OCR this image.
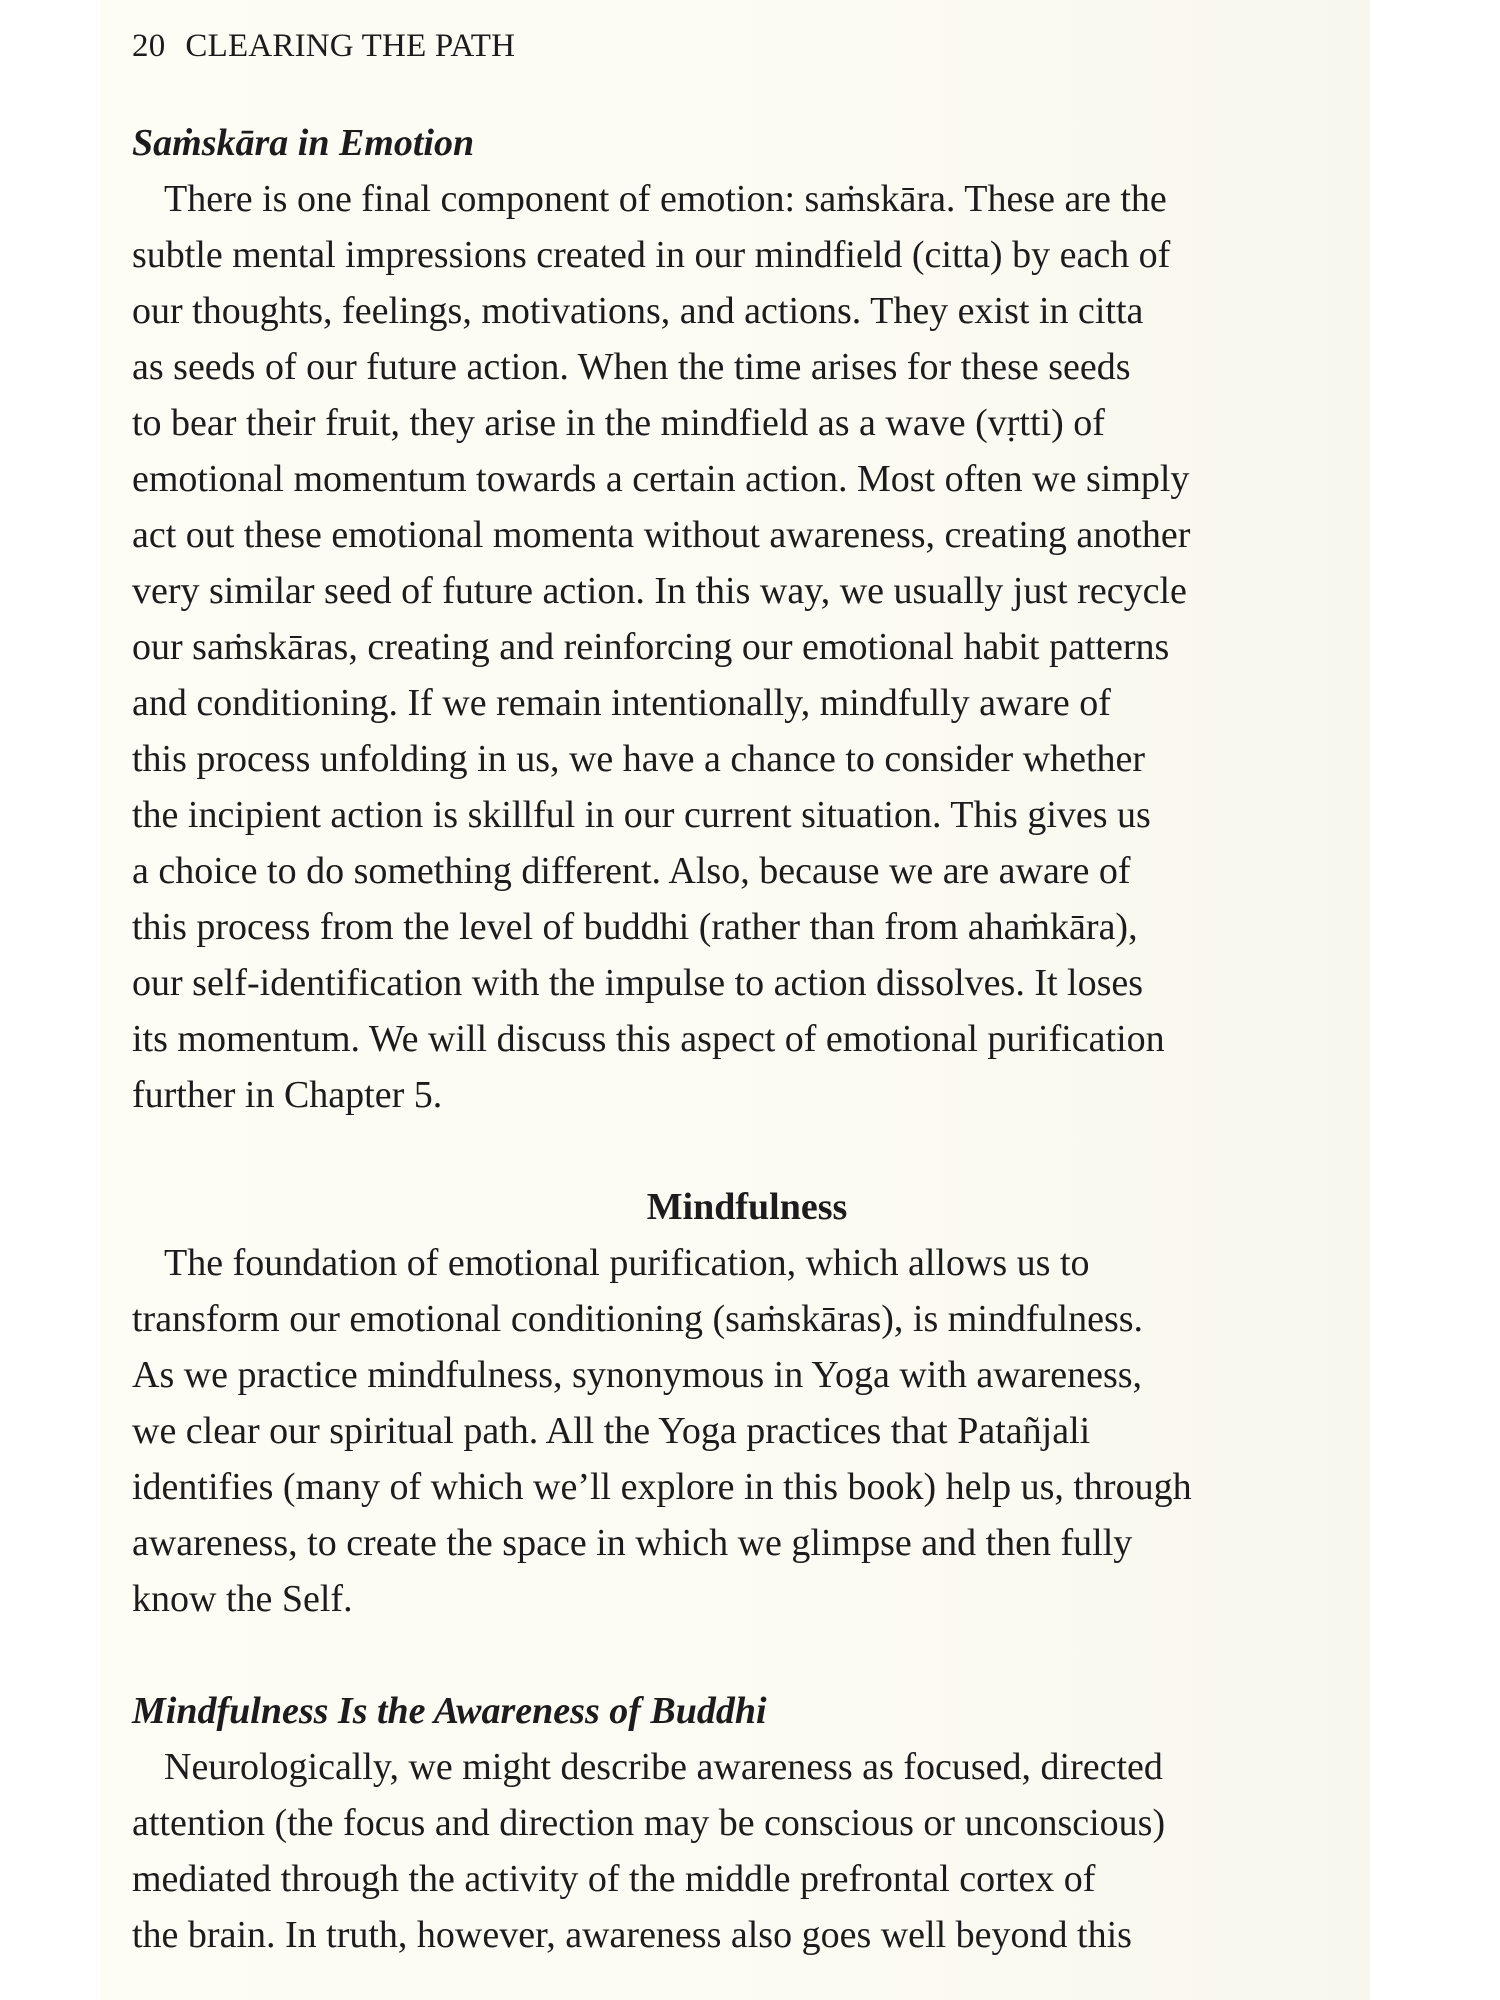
20 CLEARING THE PATH
Saṁskāra in Emotion
There is one final component of emotion: saṁskāra. These are the
subtle mental impressions created in our mindfield (citta) by each of
our thoughts, feelings, motivations, and actions. They exist in citta
as seeds of our future action. When the time arises for these seeds
to bear their fruit, they arise in the mindfield as a wave (vṛtti) of
emotional momentum towards a certain action. Most often we simply
act out these emotional momenta without awareness, creating another
very similar seed of future action. In this way, we usually just recycle
our saṁskāras, creating and reinforcing our emotional habit patterns
and conditioning. If we remain intentionally, mindfully aware of
this process unfolding in us, we have a chance to consider whether
the incipient action is skillful in our current situation. This gives us
a choice to do something different. Also, because we are aware of
this process from the level of buddhi (rather than from ahaṁkāra),
our self-identification with the impulse to action dissolves. It loses
its momentum. We will discuss this aspect of emotional purification
further in Chapter 5.
Mindfulness
The foundation of emotional purification, which allows us to
transform our emotional conditioning (saṁskāras), is mindfulness.
As we practice mindfulness, synonymous in Yoga with awareness,
we clear our spiritual path. All the Yoga practices that Patañjali
identifies (many of which we’ll explore in this book) help us, through
awareness, to create the space in which we glimpse and then fully
know the Self.
Mindfulness Is the Awareness of Buddhi
Neurologically, we might describe awareness as focused, directed
attention (the focus and direction may be conscious or unconscious)
mediated through the activity of the middle prefrontal cortex of
the brain. In truth, however, awareness also goes well beyond this
